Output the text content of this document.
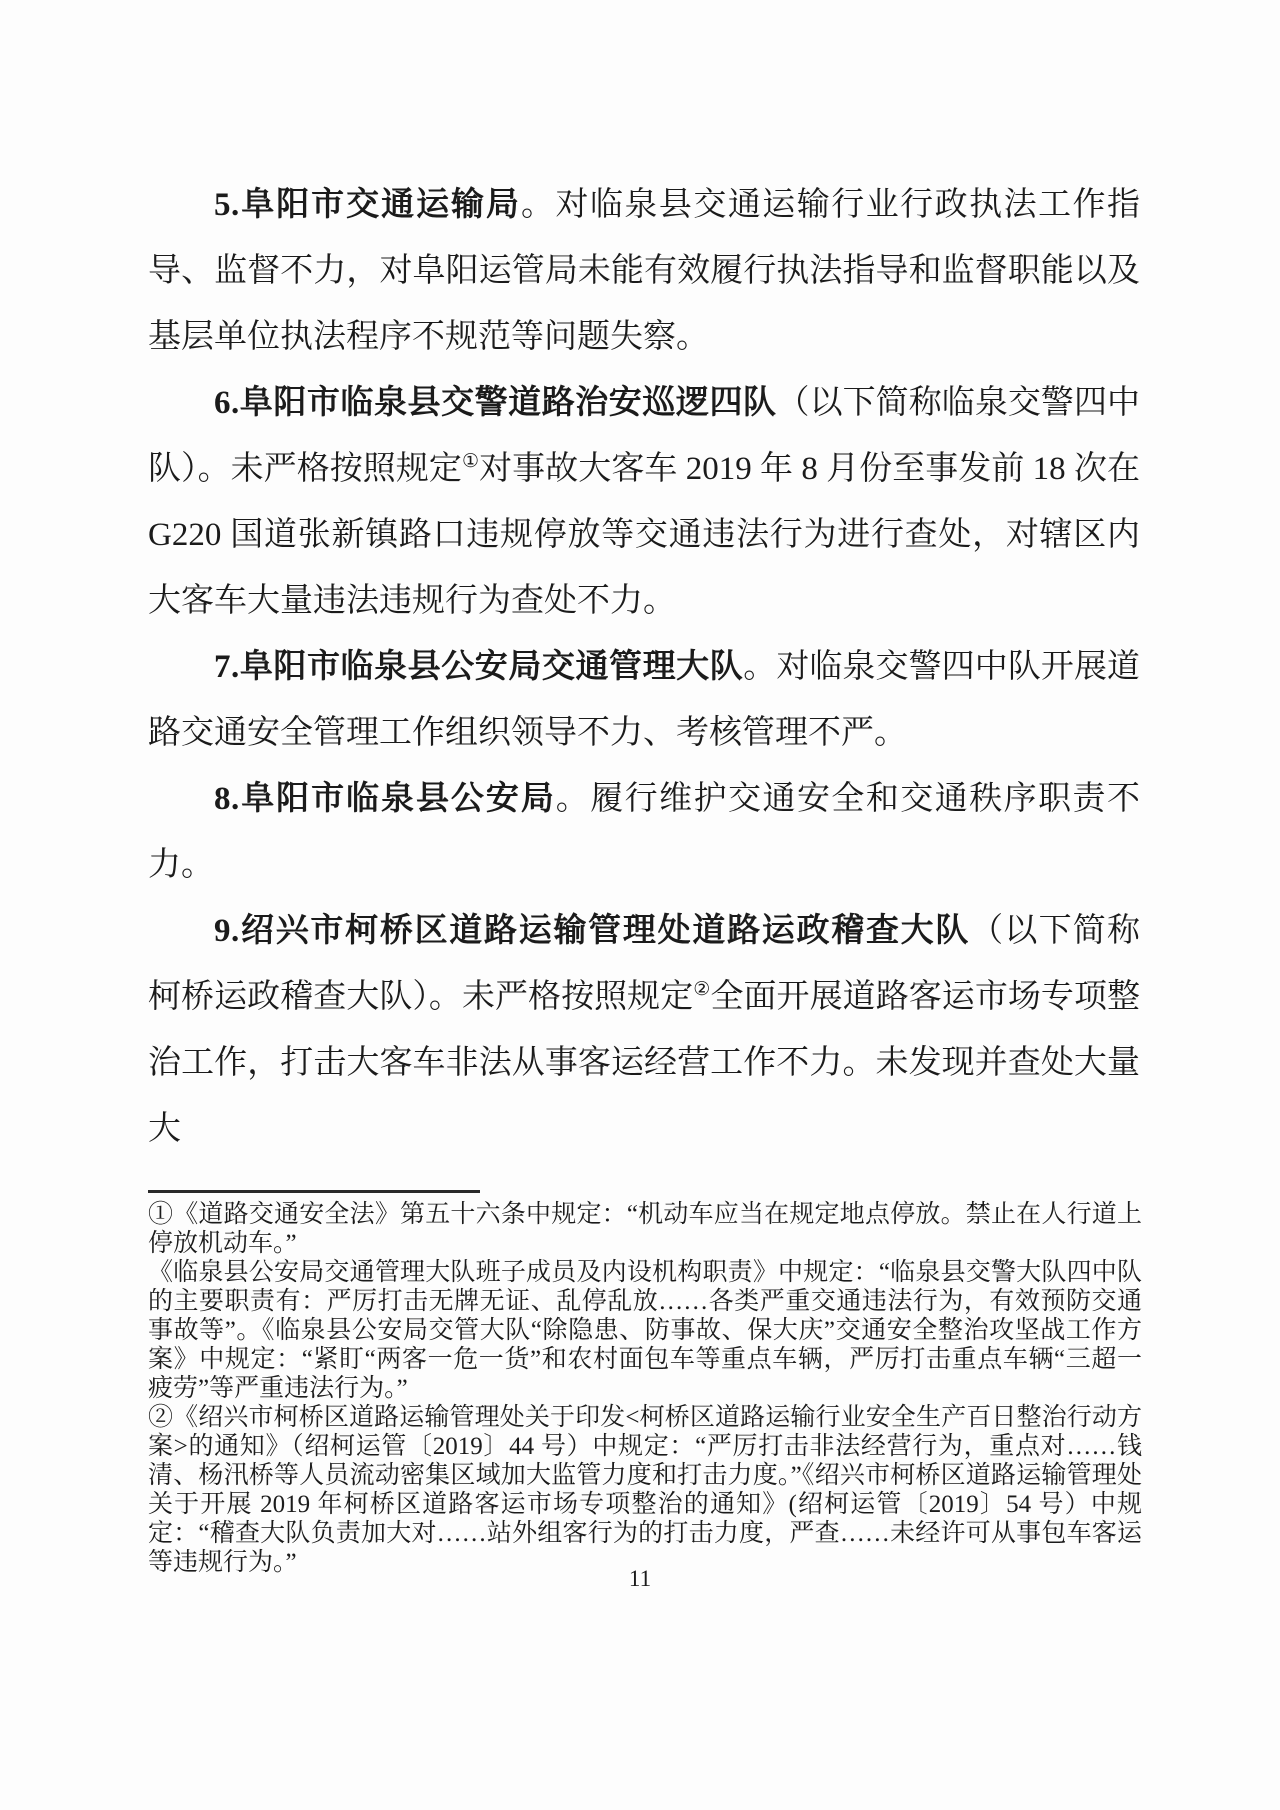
5.阜阳市交通运输局。对临泉县交通运输行业行政执法工作指导、监督不力，对阜阳运管局未能有效履行执法指导和监督职能以及基层单位执法程序不规范等问题失察。

6.阜阳市临泉县交警道路治安巡逻四队（以下简称临泉交警四中队）。未严格按照规定①对事故大客车 2019 年 8 月份至事发前 18 次在 G220 国道张新镇路口违规停放等交通违法行为进行查处，对辖区内大客车大量违法违规行为查处不力。

7.阜阳市临泉县公安局交通管理大队。对临泉交警四中队开展道路交通安全管理工作组织领导不力、考核管理不严。

8.阜阳市临泉县公安局。履行维护交通安全和交通秩序职责不力。

9.绍兴市柯桥区道路运输管理处道路运政稽查大队（以下简称柯桥运政稽查大队）。未严格按照规定②全面开展道路客运市场专项整治工作，打击大客车非法从事客运经营工作不力。未发现并查处大量大

①《道路交通安全法》第五十六条中规定：“机动车应当在规定地点停放。禁止在人行道上停放机动车。”

《临泉县公安局交通管理大队班子成员及内设机构职责》中规定：“临泉县交警大队四中队的主要职责有：严厉打击无牌无证、乱停乱放……各类严重交通违法行为，有效预防交通事故等”。《临泉县公安局交管大队“除隐患、防事故、保大庆”交通安全整治攻坚战工作方案》中规定：“紧盯“两客一危一货”和农村面包车等重点车辆，严厉打击重点车辆“三超一疲劳”等严重违法行为。”

②《绍兴市柯桥区道路运输管理处关于印发<柯桥区道路运输行业安全生产百日整治行动方案>的通知》（绍柯运管〔2019〕44 号）中规定：“严厉打击非法经营行为，重点对……钱清、杨汛桥等人员流动密集区域加大监管力度和打击力度。”《绍兴市柯桥区道路运输管理处关于开展 2019 年柯桥区道路客运市场专项整治的通知》(绍柯运管〔2019〕54 号）中规定：“稽查大队负责加大对……站外组客行为的打击力度，严查……未经许可从事包车客运等违规行为。”

11
